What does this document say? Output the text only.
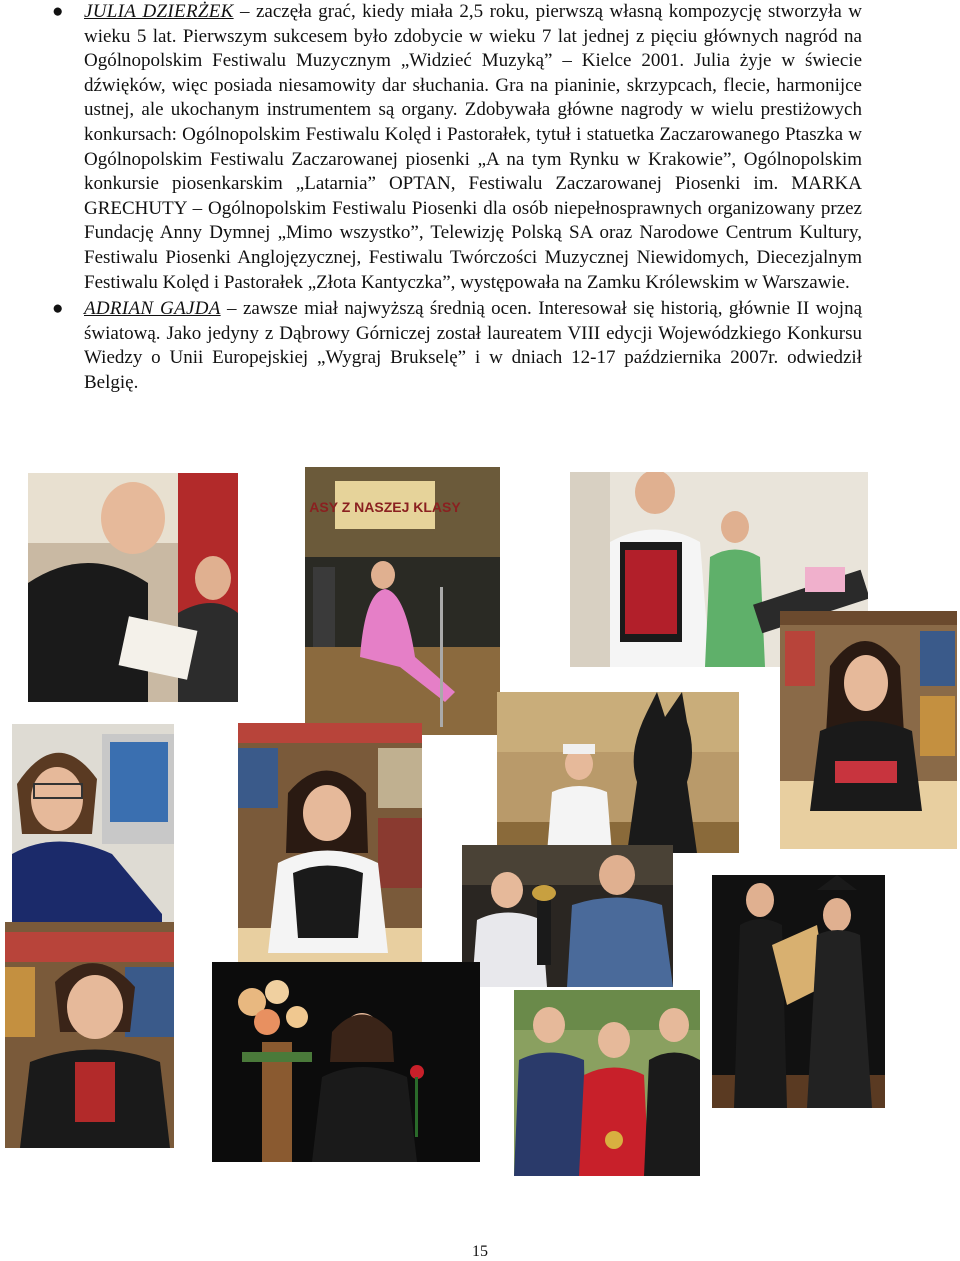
● JULIA DZIERŻEK – zaczęła grać, kiedy miała 2,5 roku, pierwszą własną kompozycję stworzyła w wieku 5 lat. Pierwszym sukcesem było zdobycie w wieku 7 lat jednej z pięciu głównych nagród na Ogólnopolskim Festiwalu Muzycznym „Widzieć Muzyką” – Kielce 2001. Julia żyje w świecie dźwięków, więc posiada niesamowity dar słuchania. Gra na pianinie, skrzypcach, flecie, harmonijce ustnej, ale ukochanym instrumentem są organy. Zdobywała główne nagrody w wielu prestiżowych konkursach: Ogólnopolskim Festiwalu Kolęd i Pastorałek, tytuł i statuetka Zaczarowanego Ptaszka w Ogólnopolskim Festiwalu Zaczarowanej piosenki „A na tym Rynku w Krakowie”, Ogólnopolskim konkursie piosenkarskim „Latarnia” OPTAN, Festiwalu Zaczarowanej Piosenki im. MARKA GRECHUTY – Ogólnopolskim Festiwalu Piosenki dla osób niepełnosprawnych organizowany przez Fundację Anny Dymnej „Mimo wszystko”, Telewizję Polską SA oraz Narodowe Centrum Kultury, Festiwalu Piosenki Anglojęzycznej, Festiwalu Twórczości Muzycznej Niewidomych, Diecezjalnym Festiwalu Kolęd i Pastorałek „Złota Kantyczka”, występowała na Zamku Królewskim w Warszawie.
● ADRIAN GAJDA – zawsze miał najwyższą średnią ocen. Interesował się historią, głównie II wojną światową. Jako jedyny z Dąbrowy Górniczej został laureatem VIII edycji Wojewódzkiego Konkursu Wiedzy o Unii Europejskiej „Wygraj Brukselę” i w dniach 12-17 października 2007r. odwiedził Belgię.
ASY Z NASZEJ KLASY
15
